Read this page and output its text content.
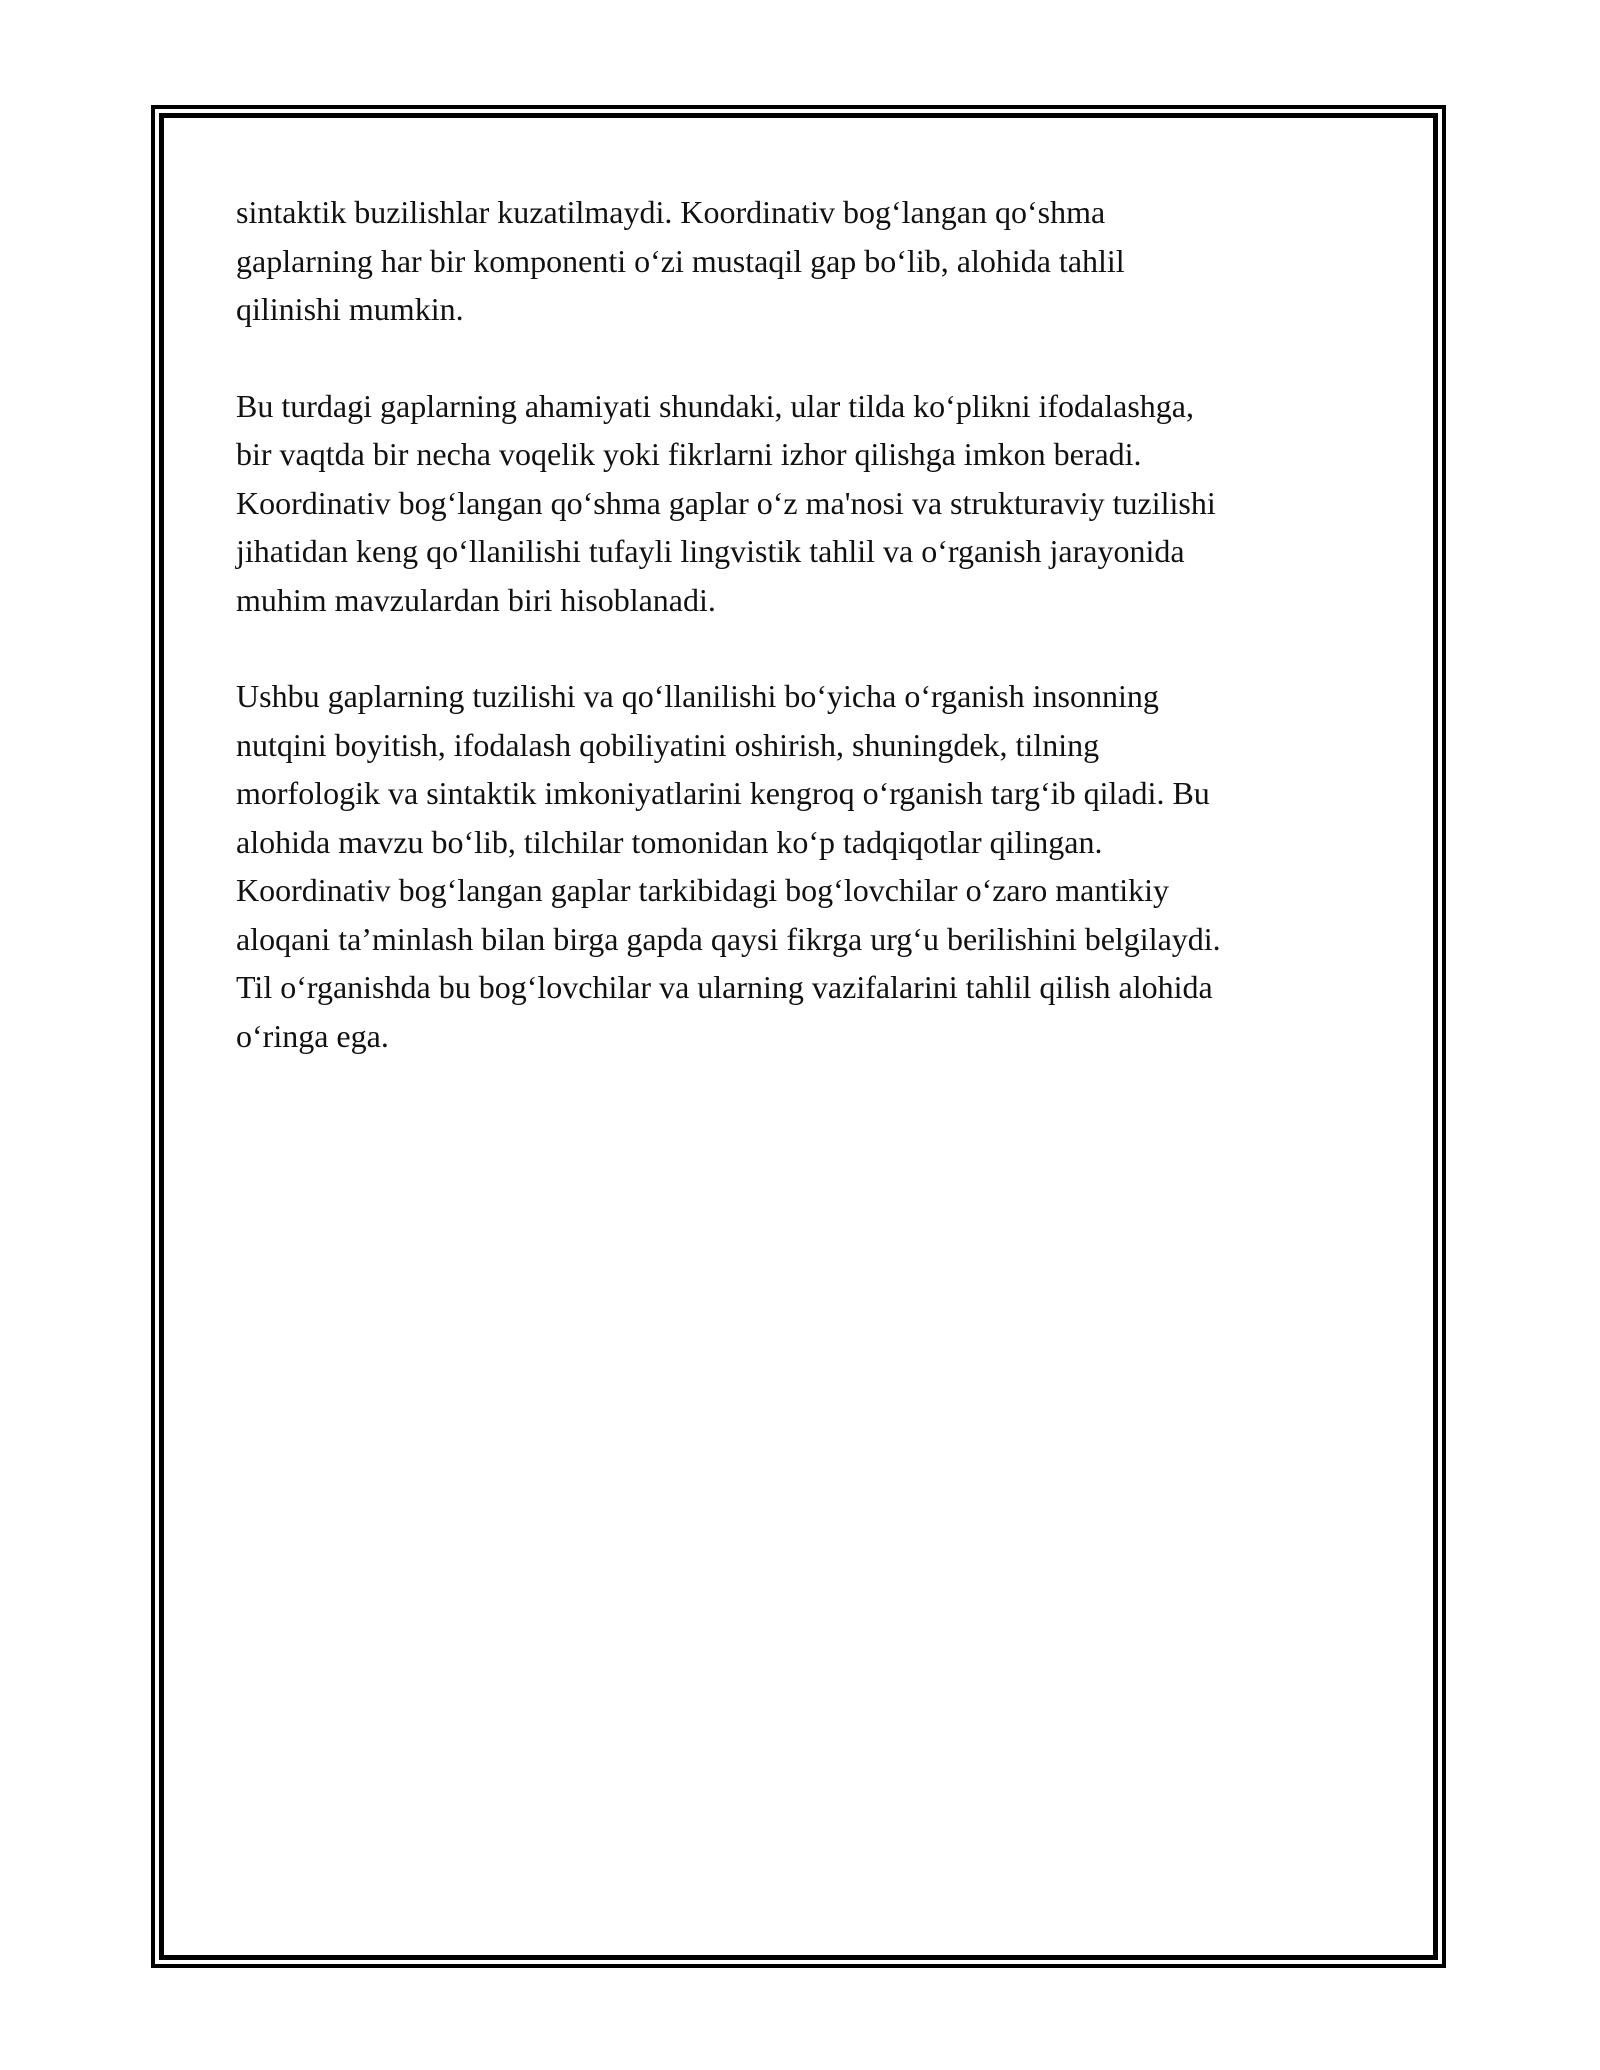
sintaktik buzilishlar kuzatilmaydi. Koordinativ bog‘langan qo‘shma
gaplarning har bir komponenti o‘zi mustaqil gap bo‘lib, alohida tahlil
qilinishi mumkin.

Bu turdagi gaplarning ahamiyati shundaki, ular tilda ko‘plikni ifodalashga,
bir vaqtda bir necha voqelik yoki fikrlarni izhor qilishga imkon beradi.
Koordinativ bog‘langan qo‘shma gaplar o‘z ma'nosi va strukturaviy tuzilishi
jihatidan keng qo‘llanilishi tufayli lingvistik tahlil va o‘rganish jarayonida
muhim mavzulardan biri hisoblanadi.

Ushbu gaplarning tuzilishi va qo‘llanilishi bo‘yicha o‘rganish insonning
nutqini boyitish, ifodalash qobiliyatini oshirish, shuningdek, tilning
morfologik va sintaktik imkoniyatlarini kengroq o‘rganish targ‘ib qiladi. Bu
alohida mavzu bo‘lib, tilchilar tomonidan ko‘p tadqiqotlar qilingan.
Koordinativ bog‘langan gaplar tarkibidagi bog‘lovchilar o‘zaro mantikiy
aloqani ta’minlash bilan birga gapda qaysi fikrga urg‘u berilishini belgilaydi.
Til o‘rganishda bu bog‘lovchilar va ularning vazifalarini tahlil qilish alohida
o‘ringa ega.
